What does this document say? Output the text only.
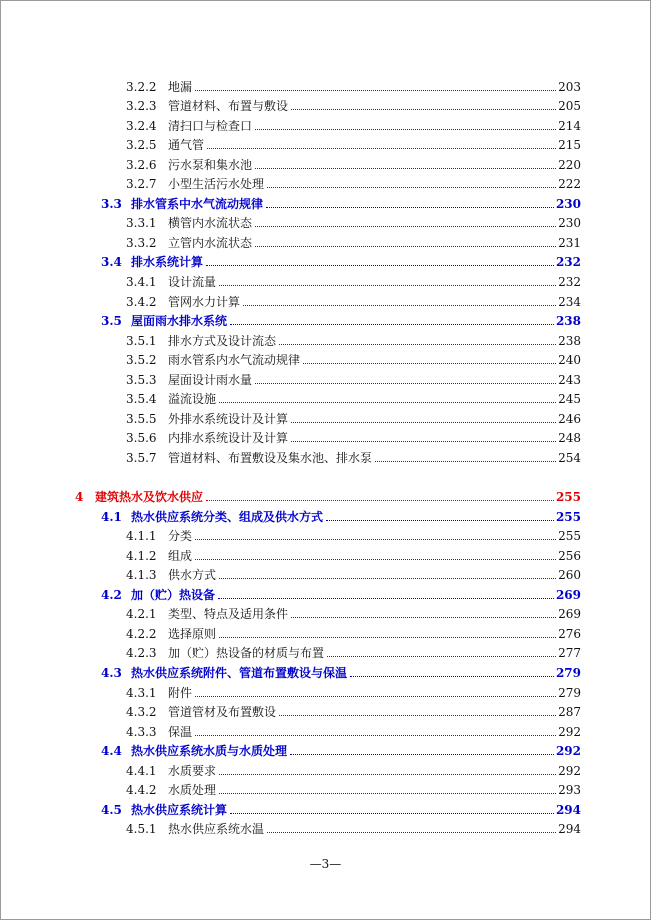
3.2.2 地漏	203
3.2.3 管道材料、布置与敷设	205
3.2.4 清扫口与检查口	214
3.2.5 通气管	215
3.2.6 污水泵和集水池	220
3.2.7 小型生活污水处理	222
3.3 排水管系中水气流动规律	230
3.3.1 横管内水流状态	230
3.3.2 立管内水流状态	231
3.4 排水系统计算	232
3.4.1 设计流量	232
3.4.2 管网水力计算	234
3.5 屋面雨水排水系统	238
3.5.1 排水方式及设计流态	238
3.5.2 雨水管系内水气流动规律	240
3.5.3 屋面设计雨水量	243
3.5.4 溢流设施	245
3.5.5 外排水系统设计及计算	246
3.5.6 内排水系统设计及计算	248
3.5.7 管道材料、布置敷设及集水池、排水泵	254
4 建筑热水及饮水供应	255
4.1 热水供应系统分类、组成及供水方式	255
4.1.1 分类	255
4.1.2 组成	256
4.1.3 供水方式	260
4.2 加（贮）热设备	269
4.2.1 类型、特点及适用条件	269
4.2.2 选择原则	276
4.2.3 加（贮）热设备的材质与布置	277
4.3 热水供应系统附件、管道布置敷设与保温	279
4.3.1 附件	279
4.3.2 管道管材及布置敷设	287
4.3.3 保温	292
4.4 热水供应系统水质与水质处理	292
4.4.1 水质要求	292
4.4.2 水质处理	293
4.5 热水供应系统计算	294
4.5.1 热水供应系统水温	294
—3—
